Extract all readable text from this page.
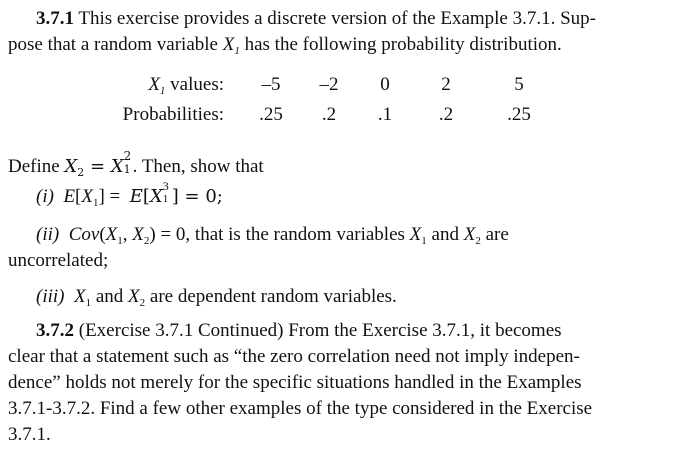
3.7.1 This exercise provides a discrete version of the Example 3.7.1. Sup-
pose that a random variable $X_1$ has the following probability distribution.
$X_1$ values:	–5	–2	0	2	5
Probabilities:	.25	.2	.1	.2	.25
Define $X_2 = X$ 2
1 . Then, show that
(i) $E[X_1] = E[X$ 3
1 ] = 0;
(ii) $Cov(X_1$, $X_2) = 0$, that is the random variables $X_1$ and $X_2$ are
uncorrelated;
(iii) $X_1$ and $X_2$ are dependent random variables.
3.7.2 (Exercise 3.7.1 Continued) From the Exercise 3.7.1, it becomes
clear that a statement such as “the zero correlation need not imply indepen-
dence” holds not merely for the specific situations handled in the Examples
3.7.1-3.7.2. Find a few other examples of the type considered in the Exercise
3.7.1.
